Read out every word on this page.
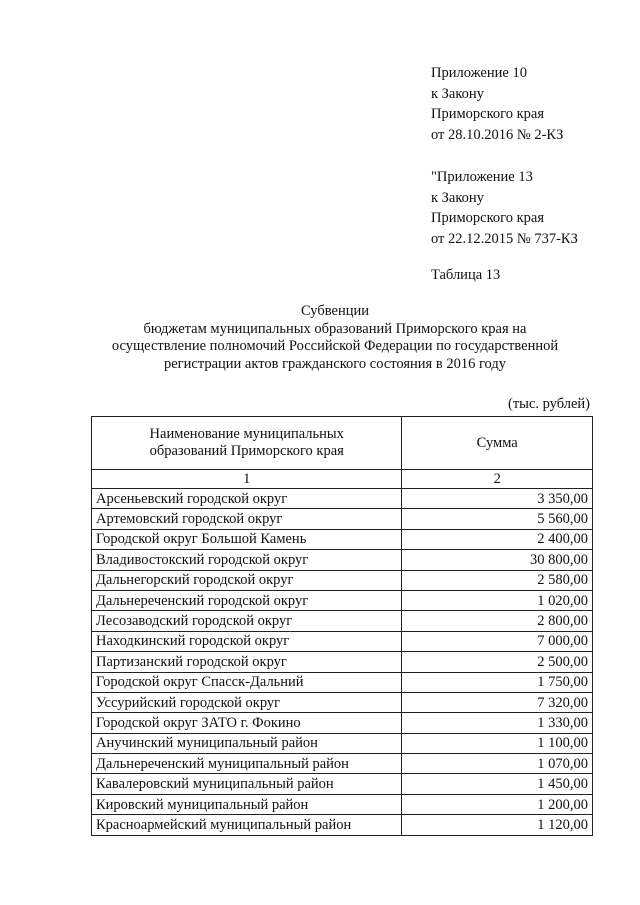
Приложение 10
к Закону
Приморского края
от 28.10.2016 № 2-КЗ
"Приложение 13
к Закону
Приморского края
от 22.12.2015 № 737-КЗ
Таблица 13
Субвенции
бюджетам муниципальных образований Приморского края на
осуществление полномочий Российской Федерации по государственной
регистрации актов гражданского состояния в 2016 году
(тыс. рублей)
Наименование муниципальных
образований Приморского края	Сумма
1	2
Арсеньевский городской округ	3 350,00
Артемовский городской округ	5 560,00
Городской округ Большой Камень	2 400,00
Владивостокский городской округ	30 800,00
Дальнегорский городской округ	2 580,00
Дальнереченский городской округ	1 020,00
Лесозаводский городской округ	2 800,00
Находкинский городской округ	7 000,00
Партизанский городской округ	2 500,00
Городской округ Спасск-Дальний	1 750,00
Уссурийский городской округ	7 320,00
Городской округ ЗАТО г. Фокино	1 330,00
Анучинский муниципальный район	1 100,00
Дальнереченский муниципальный район	1 070,00
Кавалеровский муниципальный район	1 450,00
Кировский муниципальный район	1 200,00
Красноармейский муниципальный район	1 120,00
